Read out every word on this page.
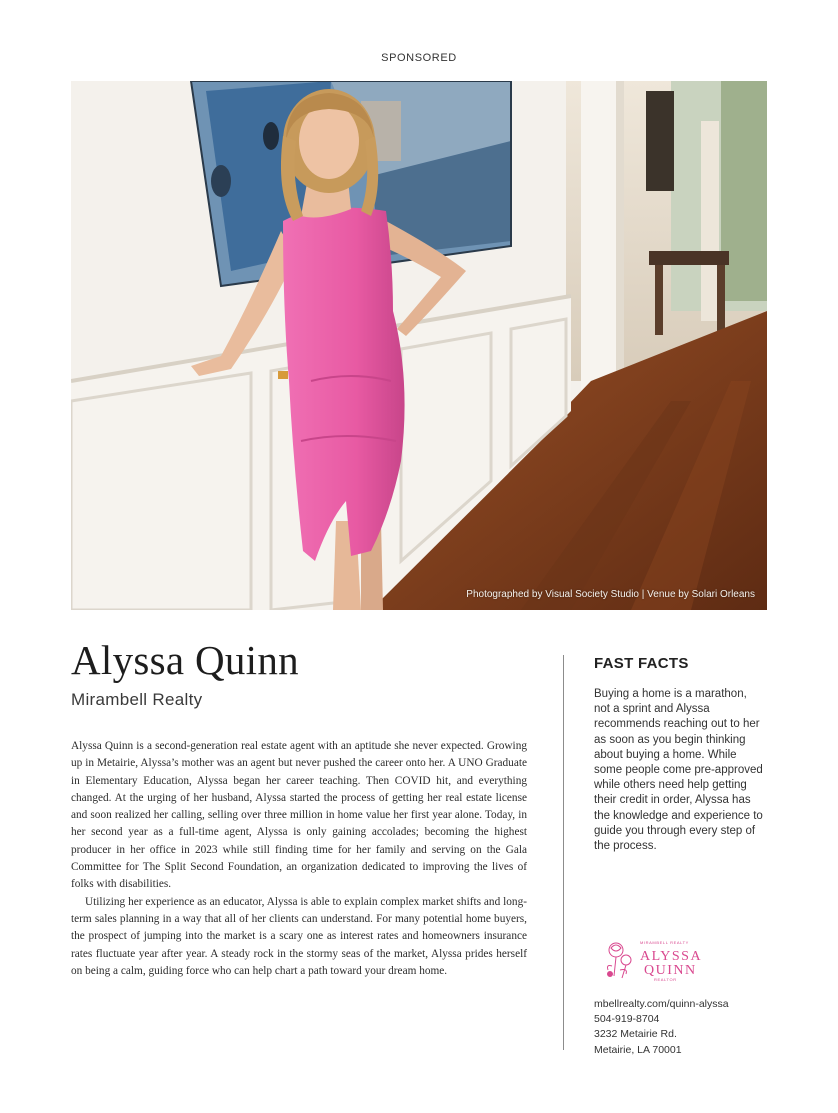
SPONSORED
Photographed by Visual Society Studio | Venue by Solari Orleans
Alyssa Quinn
Mirambell Realty

Alyssa Quinn is a second-generation real estate agent with an aptitude she never expected. Growing up in Metairie, Alyssa’s mother was an agent but never pushed the career onto her. A UNO Graduate in Elementary Education, Alyssa began her career teaching. Then COVID hit, and everything changed. At the urging of her husband, Alyssa started the process of getting her real estate license and soon realized her calling, selling over three million in home value her first year alone. Today, in her second year as a full-time agent, Alyssa is only gaining accolades; becoming the highest producer in her office in 2023 while still finding time for her family and serving on the Gala Committee for The Split Second Foundation, an organization dedicated to improving the lives of folks with disabilities.

Utilizing her experience as an educator, Alyssa is able to explain complex market shifts and long-term sales planning in a way that all of her clients can understand. For many potential home buyers, the prospect of jumping into the market is a scary one as interest rates and homeowners insurance rates fluctuate year after year. A steady rock in the stormy seas of the market, Alyssa prides herself on being a calm, guiding force who can help chart a path toward your dream home.

FAST FACTS
Buying a home is a marathon, not a sprint and Alyssa recommends reaching out to her as soon as you begin thinking about buying a home. While some people come pre-approved while others need help getting their credit in order, Alyssa has the knowledge and experience to guide you through every step of the process.
MIRAMBELL REALTY
ALYSSA
QUINN
REALTOR
mbellrealty.com/quinn-alyssa
504-919-8704
3232 Metairie Rd.
Metairie, LA 70001
